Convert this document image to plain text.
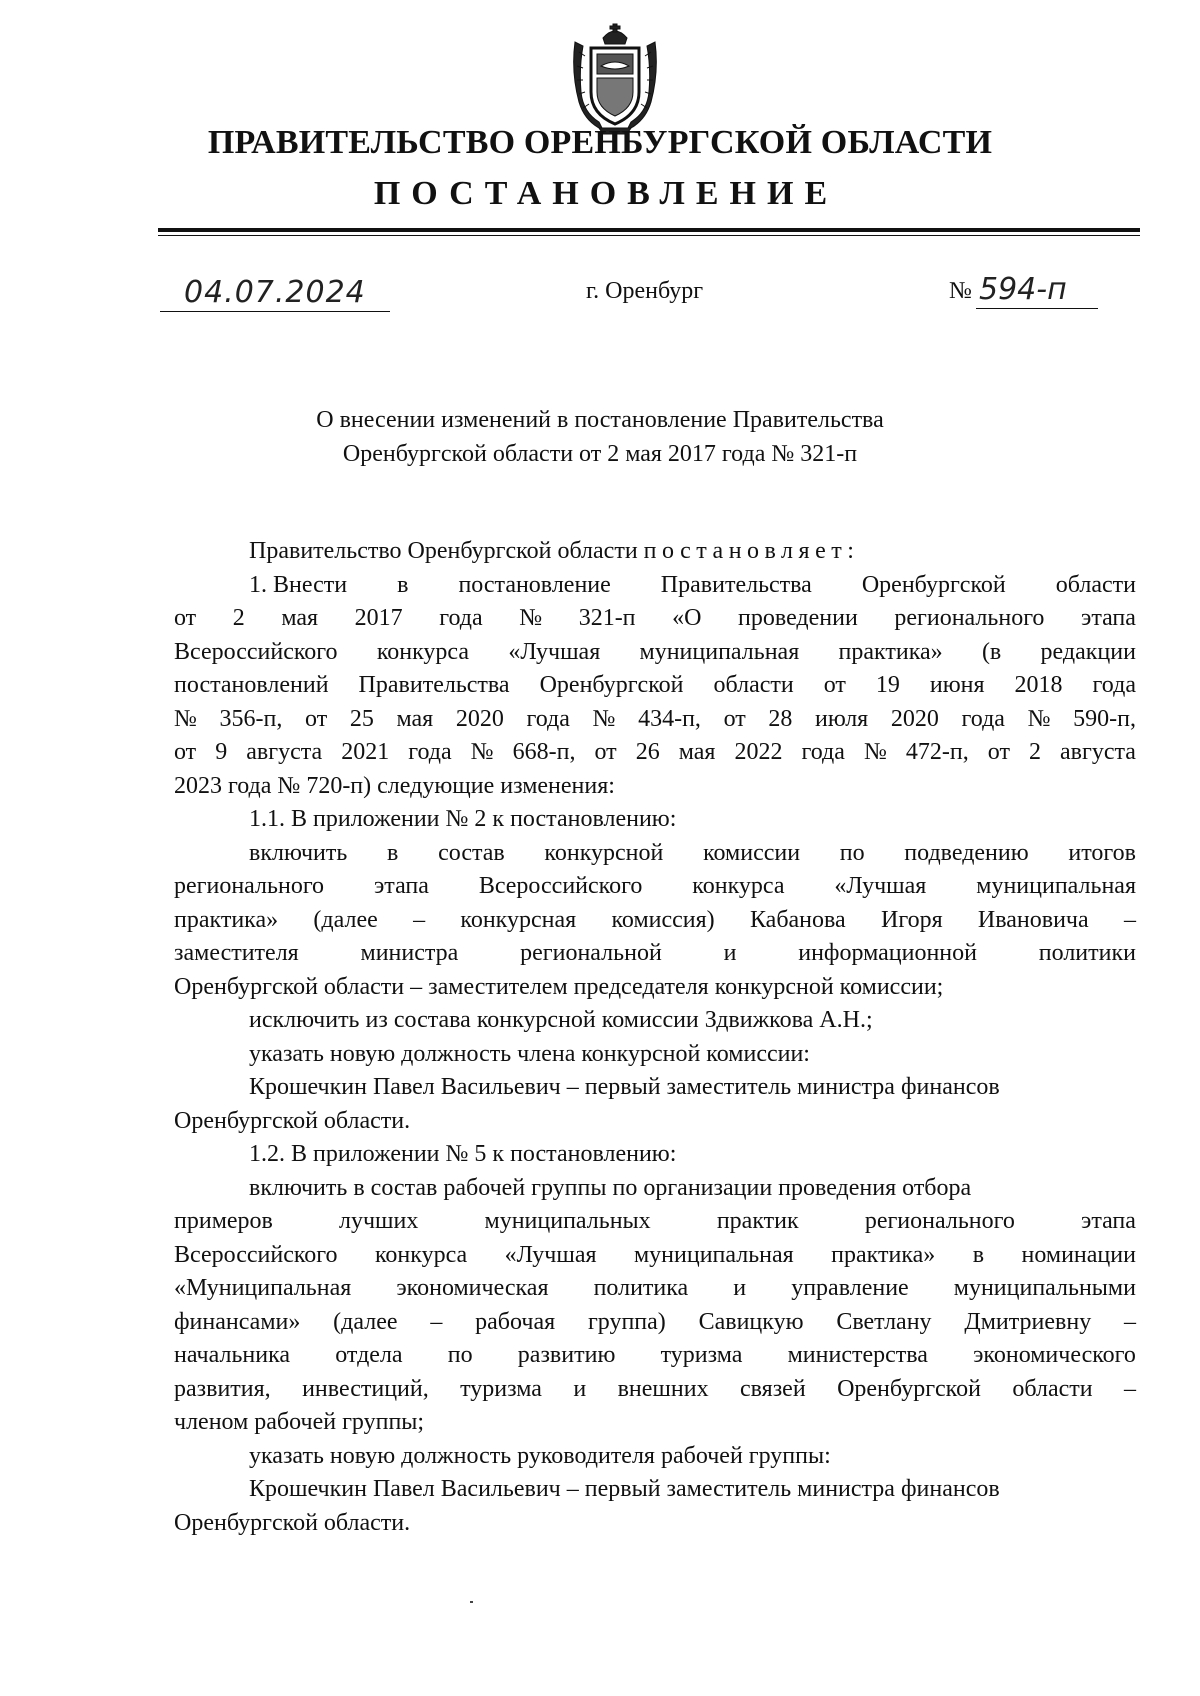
ПРАВИТЕЛЬСТВО ОРЕНБУРГСКОЙ ОБЛАСТИ
ПОСТАНОВЛЕНИЕ
04.07.2024	г. Оренбург	№ 594-п
О внесении изменений в постановление Правительства
Оренбургской области от 2 мая 2017 года № 321-п
Правительство Оренбургской области постановляет:
1. Внести в постановление Правительства Оренбургской области
от 2 мая 2017 года № 321-п «О проведении регионального этапа
Всероссийского конкурса «Лучшая муниципальная практика» (в редакции
постановлений Правительства Оренбургской области от 19 июня 2018 года
№ 356-п, от 25 мая 2020 года № 434-п, от 28 июля 2020 года № 590-п,
от 9 августа 2021 года № 668-п, от 26 мая 2022 года № 472-п, от 2 августа
2023 года № 720-п) следующие изменения:
1.1. В приложении № 2 к постановлению:
включить в состав конкурсной комиссии по подведению итогов
регионального этапа Всероссийского конкурса «Лучшая муниципальная
практика» (далее – конкурсная комиссия) Кабанова Игоря Ивановича –
заместителя	министра	региональной	и	информационной	политики
Оренбургской области – заместителем председателя конкурсной комиссии;
исключить из состава конкурсной комиссии Здвижкова А.Н.;
указать новую должность члена конкурсной комиссии:
Крошечкин Павел Васильевич – первый заместитель министра финансов
Оренбургской области.
1.2. В приложении № 5 к постановлению:
включить в состав рабочей группы по организации проведения отбора
примеров	лучших	муниципальных	практик	регионального	этапа
Всероссийского конкурса «Лучшая муниципальная практика» в номинации
«Муниципальная экономическая политика и управление муниципальными
финансами» (далее – рабочая группа) Савицкую Светлану Дмитриевну –
начальника отдела по развитию туризма министерства экономического
развития, инвестиций, туризма и внешних связей Оренбургской области –
членом рабочей группы;
указать новую должность руководителя рабочей группы:
Крошечкин Павел Васильевич – первый заместитель министра финансов
Оренбургской области.
